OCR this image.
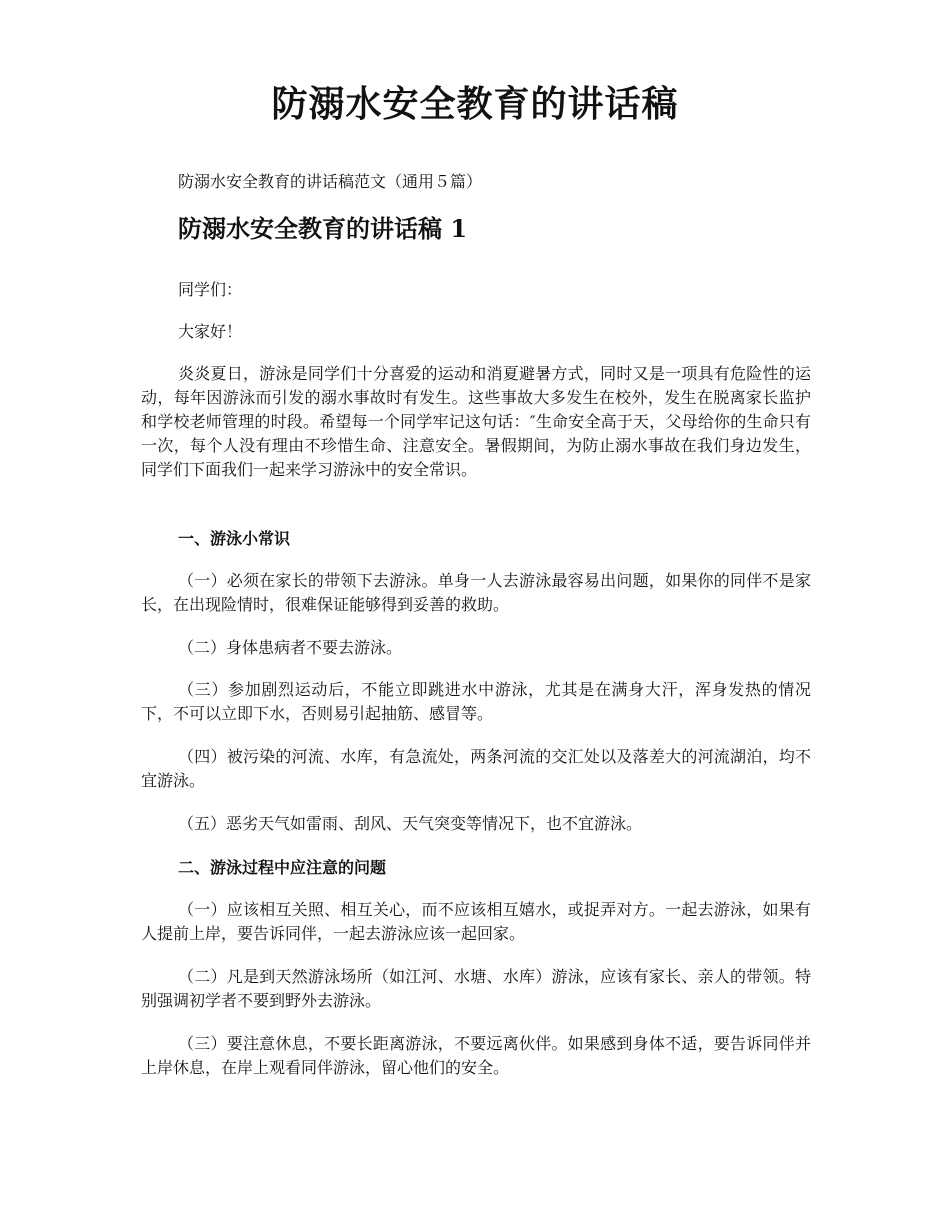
防溺水安全教育的讲话稿
防溺水安全教育的讲话稿范文（通用５篇）
防溺水安全教育的讲话稿 1

同学们：

大家好！

炎炎夏日，游泳是同学们十分喜爱的运动和消夏避暑方式，同时又是一项具有危险性的运动，每年因游泳而引发的溺水事故时有发生。这些事故大多发生在校外，发生在脱离家长监护和学校老师管理的时段。希望每一个同学牢记这句话：″生命安全高于天，父母给你的生命只有一次，每个人没有理由不珍惜生命、注意安全。暑假期间，为防止溺水事故在我们身边发生，同学们下面我们一起来学习游泳中的安全常识。

一、游泳小常识

（一）必须在家长的带领下去游泳。单身一人去游泳最容易出问题，如果你的同伴不是家长，在出现险情时，很难保证能够得到妥善的救助。

（二）身体患病者不要去游泳。

（三）参加剧烈运动后，不能立即跳进水中游泳，尤其是在满身大汗，浑身发热的情况下，不可以立即下水，否则易引起抽筋、感冒等。

（四）被污染的河流、水库，有急流处，两条河流的交汇处以及落差大的河流湖泊，均不宜游泳。

（五）恶劣天气如雷雨、刮风、天气突变等情况下，也不宜游泳。

二、游泳过程中应注意的问题

（一）应该相互关照、相互关心，而不应该相互嬉水，或捉弄对方。一起去游泳，如果有人提前上岸，要告诉同伴，一起去游泳应该一起回家。

（二）凡是到天然游泳场所（如江河、水塘、水库）游泳，应该有家长、亲人的带领。特别强调初学者不要到野外去游泳。

（三）要注意休息，不要长距离游泳，不要远离伙伴。如果感到身体不适，要告诉同伴并上岸休息，在岸上观看同伴游泳，留心他们的安全。
